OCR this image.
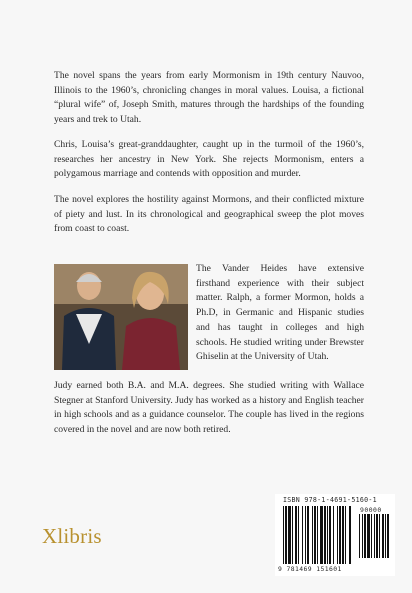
The novel spans the years from early Mormonism in 19th century Nauvoo, Illinois to the 1960’s, chronicling changes in moral values. Louisa, a fictional “plural wife” of, Joseph Smith, matures through the hardships of the founding years and trek to Utah.

Chris, Louisa’s great-granddaughter, caught up in the turmoil of the 1960’s, researches her ancestry in New York. She rejects Mormonism, enters a polygamous marriage and contends with opposition and murder.

The novel explores the hostility against Mormons, and their conflicted mixture of piety and lust. In its chronological and geographical sweep the plot moves from coast to coast.

The Vander Heides have extensive firsthand experience with their subject matter. Ralph, a former Mormon, holds a Ph.D, in Germanic and Hispanic studies and has taught in colleges and high schools. He studied writing under Brewster Ghiselin at the University of Utah.

Judy earned both B.A. and M.A. degrees. She studied writing with Wallace Stegner at Stanford University. Judy has worked as a history and English teacher in high schools and as a guidance counselor. The couple has lived in the regions covered in the novel and are now both retired.

Xlibris
ISBN 978-1-4691-5160-1
90000
9 781469 151601
